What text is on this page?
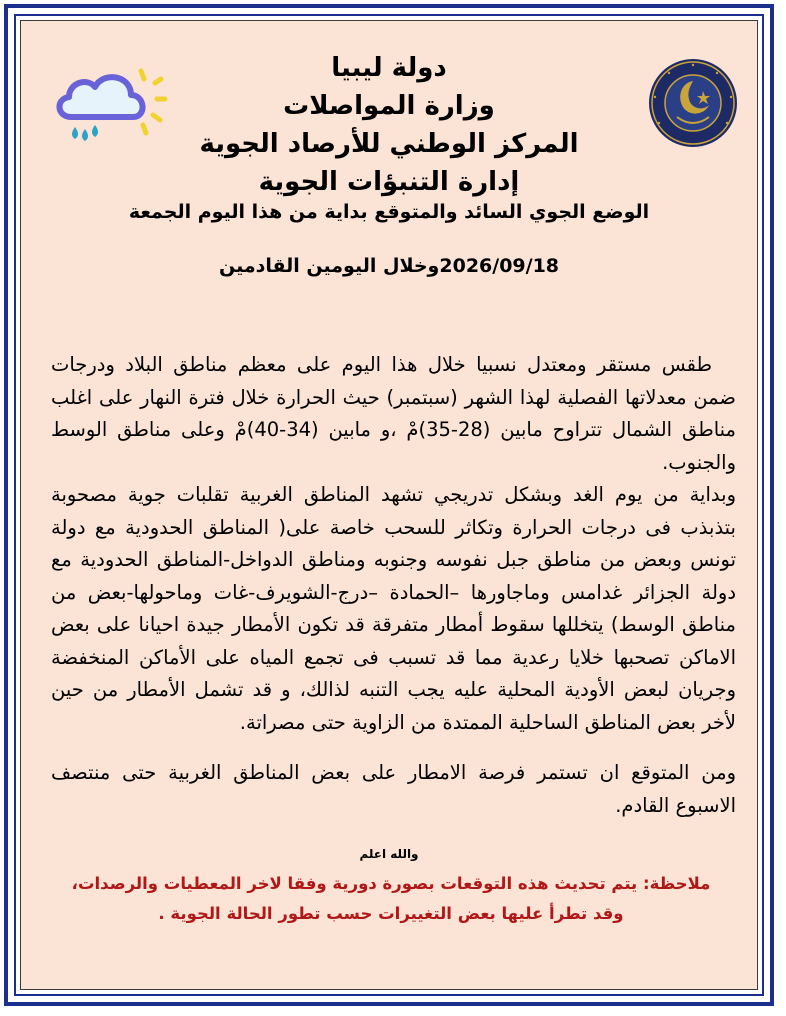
دولة ليبيا
وزارة المواصلات
المركز الوطني للأرصاد الجوية
إدارة التنبؤات الجوية
الوضع الجوي السائد والمتوقع بداية من هذا اليوم الجمعة
2026/09/18وخلال اليومين القادمين

طقس مستقر ومعتدل نسبيا خلال هذا اليوم على معظم مناطق البلاد ودرجات ضمن معدلاتها الفصلية لهذا الشهر (سبتمبر) حيث الحرارة خلال فترة النهار على اغلب مناطق الشمال تتراوح مابين (28-35)مْ ،و مابين (34-40)مْ وعلى مناطق الوسط والجنوب.

وبداية من يوم الغد وبشكل تدريجي تشهد المناطق الغربية تقلبات جوية مصحوبة بتذبذب فى درجات الحرارة وتكاثر للسحب خاصة على( المناطق الحدودية مع دولة تونس وبعض من مناطق جبل نفوسه وجنوبه ومناطق الدواخل-المناطق الحدودية مع دولة الجزائر غدامس وماجاورها –الحمادة –درج-الشويرف-غات وماحولها-بعض من مناطق الوسط) يتخللها سقوط أمطار متفرقة قد تكون الأمطار جيدة احيانا على بعض الاماكن تصحبها خلايا رعدية مما قد تسبب فى تجمع المياه على الأماكن المنخفضة وجريان لبعض الأودية المحلية عليه يجب التنبه لذالك، و قد تشمل الأمطار من حين لأخر بعض المناطق الساحلية الممتدة من الزاوية حتى مصراتة.

ومن المتوقع ان تستمر فرصة الامطار على بعض المناطق الغربية حتى منتصف الاسبوع القادم.

والله اعلم
ملاحظة: يتم تحديث هذه التوقعات بصورة دورية وفقا لاخر المعطيات والرصدات، وقد تطرأ عليها بعض التغييرات حسب تطور الحالة الجوية .
